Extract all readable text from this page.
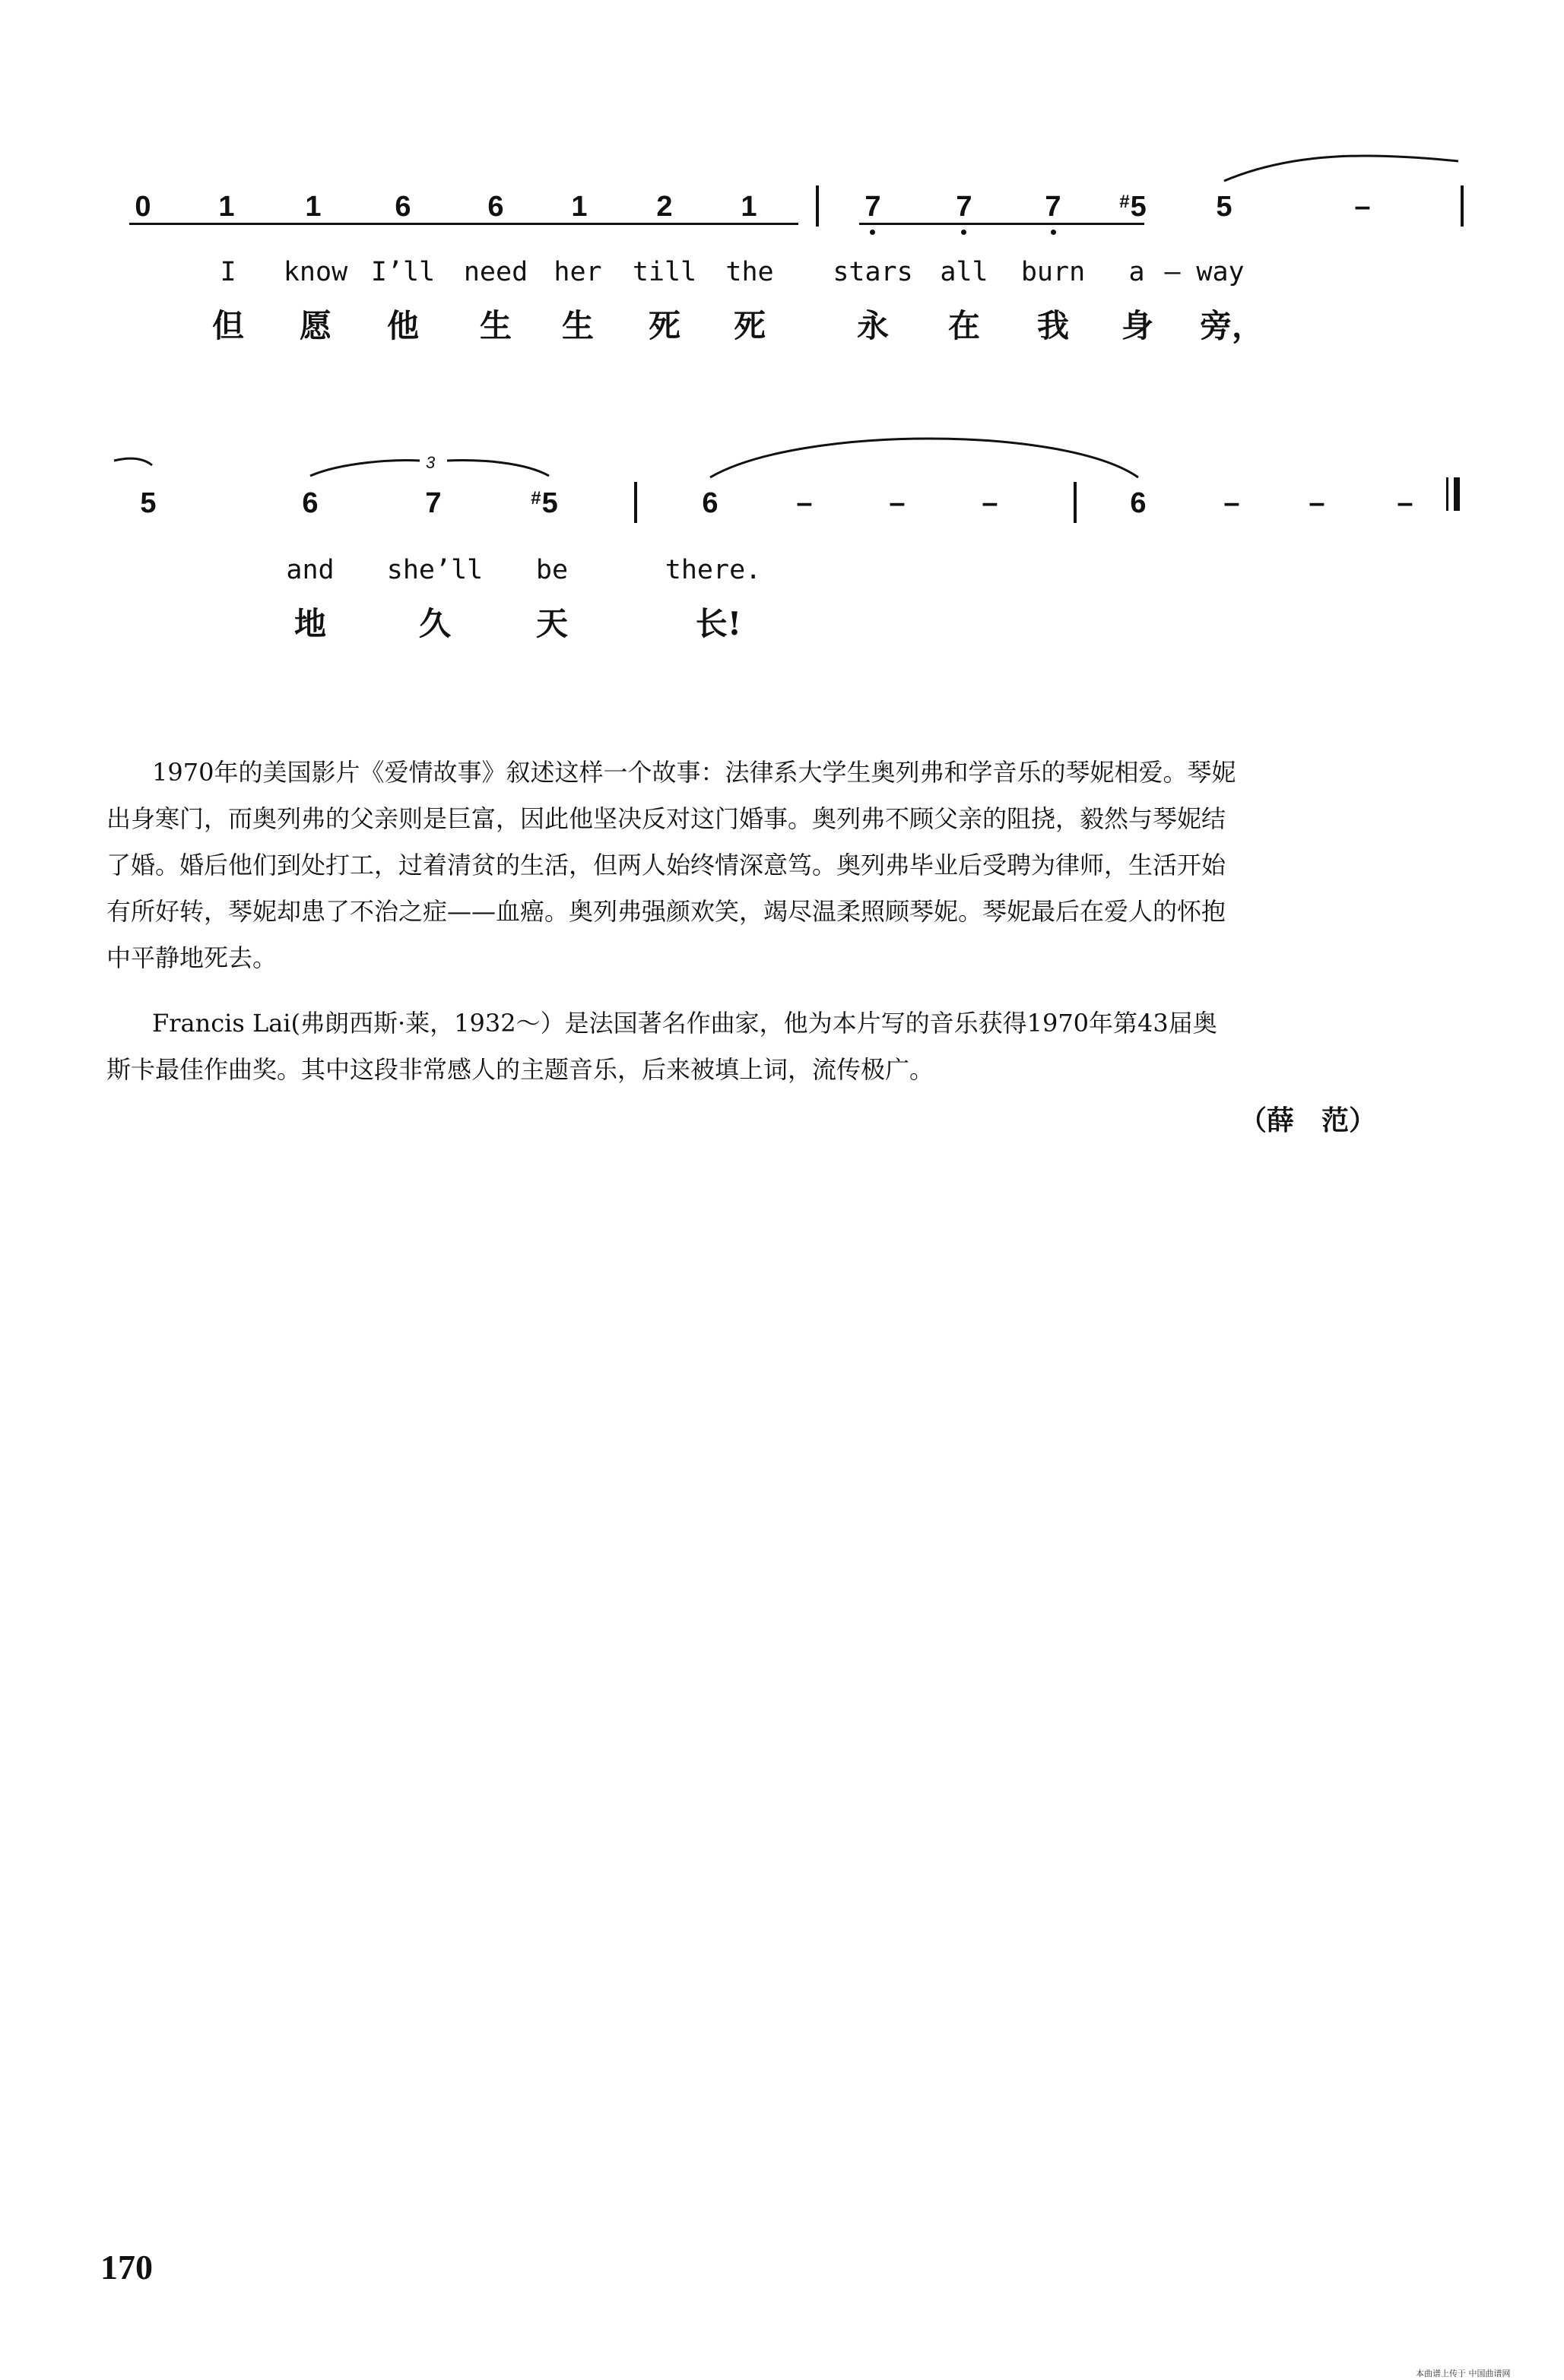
0 1 1	6	6 1 2 1	7	7	7	#5	5	–
I know I’ll need her till the stars all burn a – way
但 愿 他 生 生 死 死	永 在 我 身 旁，
5	6	7	#5	6	–	–	–	6	– – –
3
and she’ll be	there.
地	久	天	长!
1970年的美国影片《爱情故事》叙述这样一个故事：法律系大学生奥列弗和学音乐的琴妮相爱。琴妮
出身寒门，而奥列弗的父亲则是巨富，因此他坚决反对这门婚事。奥列弗不顾父亲的阻挠，毅然与琴妮结
了婚。婚后他们到处打工，过着清贫的生活，但两人始终情深意笃。奥列弗毕业后受聘为律师，生活开始
有所好转，琴妮却患了不治之症——血癌。奥列弗强颜欢笑，竭尽温柔照顾琴妮。琴妮最后在爱人的怀抱
中平静地死去。
Francis Lai(弗朗西斯·莱，1932～）是法国著名作曲家，他为本片写的音乐获得1970年第43届奥
斯卡最佳作曲奖。其中这段非常感人的主题音乐，后来被填上词，流传极广。
（薛　范）
170
本曲谱上传于 中国曲谱网
